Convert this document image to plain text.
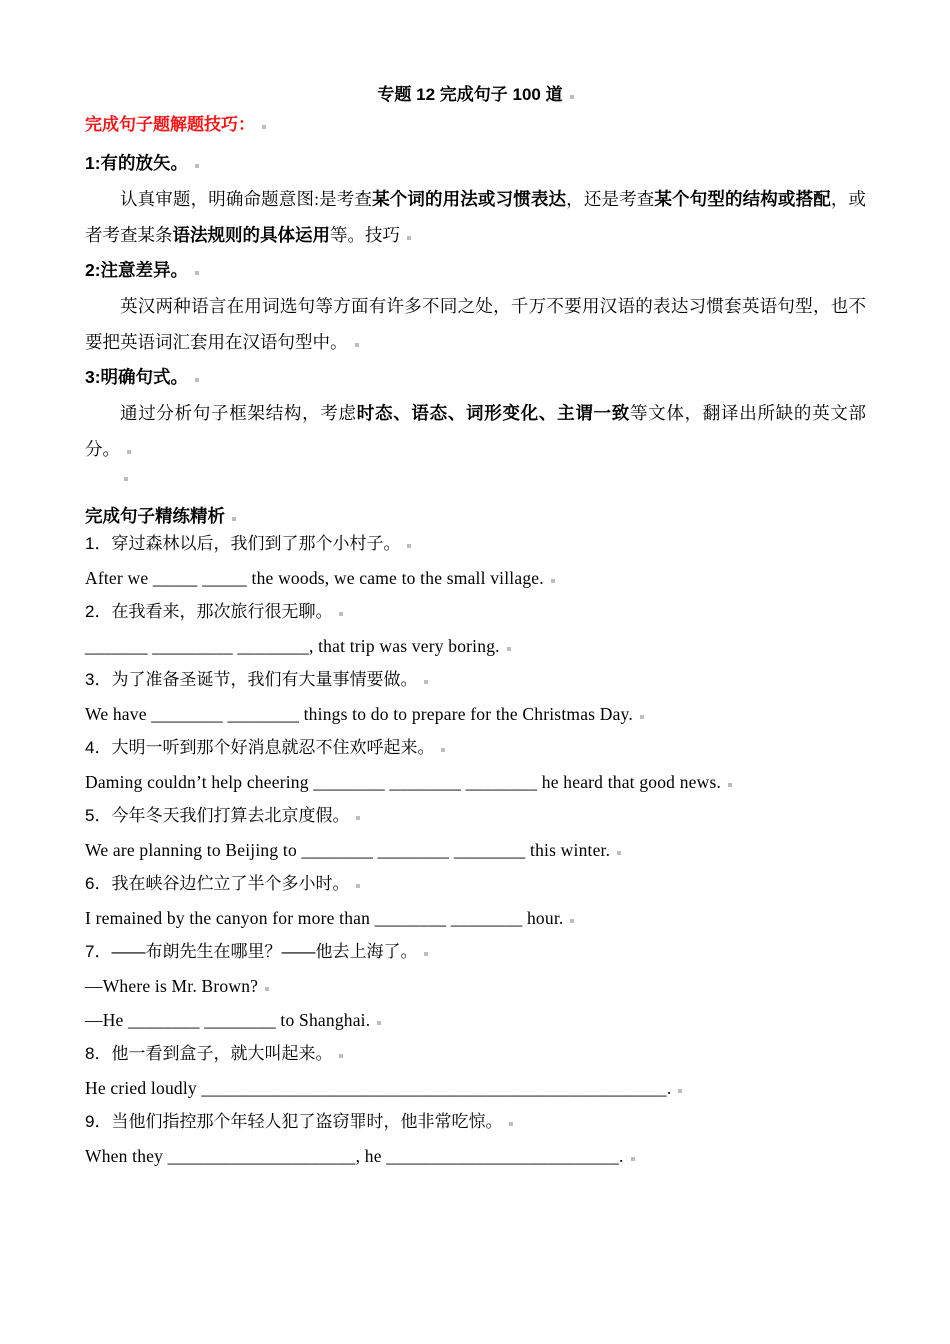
专题 12 完成句子 100 道

完成句子题解题技巧：

1:有的放矢。

认真审题，明确命题意图:是考查某个词的用法或习惯表达，还是考查某个句型的结构或搭配，或者考查某条语法规则的具体运用等。技巧

2:注意差异。

英汉两种语言在用词选句等方面有许多不同之处，千万不要用汉语的表达习惯套英语句型，也不要把英语词汇套用在汉语句型中。

3:明确句式。

通过分析句子框架结构，考虑时态、语态、词形变化、主谓一致等文体，翻译出所缺的英文部分。

完成句子精练精析

1．穿过森林以后，我们到了那个小村子。

After we _____ _____ the woods, we came to the small village.

2．在我看来，那次旅行很无聊。

_______ _________ ________, that trip was very boring.

3．为了准备圣诞节，我们有大量事情要做。

We have ________ ________ things to do to prepare for the Christmas Day.

4．大明一听到那个好消息就忍不住欢呼起来。

Daming couldn’t help cheering ________ ________ ________ he heard that good news.

5．今年冬天我们打算去北京度假。

We are planning to Beijing to ________ ________ ________ this winter.

6．我在峡谷边伫立了半个多小时。

I remained by the canyon for more than ________ ________ hour.

7．——布朗先生在哪里？——他去上海了。

—Where is Mr. Brown?

—He ________ ________ to Shanghai.

8．他一看到盒子，就大叫起来。

He cried loudly ____________________________________________________.

9．当他们指控那个年轻人犯了盗窃罪时，他非常吃惊。

When they _____________________, he __________________________.
